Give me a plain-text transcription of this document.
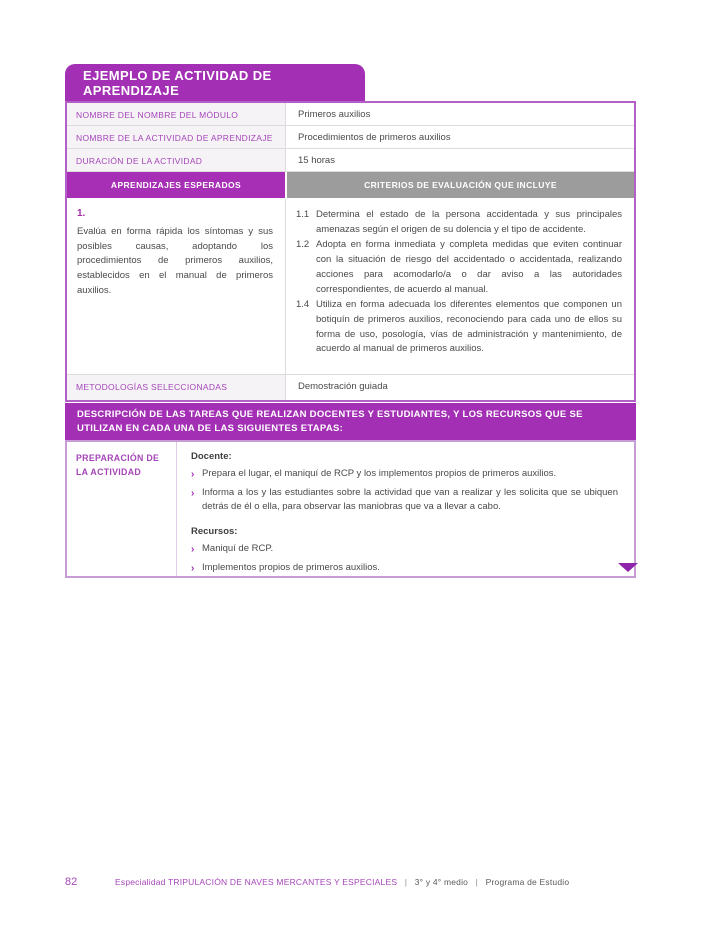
EJEMPLO DE ACTIVIDAD DE APRENDIZAJE
NOMBRE DEL NOMBRE DEL MÓDULO	Primeros auxilios
NOMBRE DE LA ACTIVIDAD DE APRENDIZAJE	Procedimientos de primeros auxilios
DURACIÓN DE LA ACTIVIDAD	15 horas
APRENDIZAJES ESPERADOS	CRITERIOS DE EVALUACIÓN QUE INCLUYE
1.
Evalúa en forma rápida los síntomas y sus posibles causas, adoptando los procedimientos de primeros auxilios, establecidos en el manual de primeros auxilios.
1.1 Determina el estado de la persona accidentada y sus principales amenazas según el origen de su dolencia y el tipo de accidente.
1.2 Adopta en forma inmediata y completa medidas que eviten continuar con la situación de riesgo del accidentado o accidentada, realizando acciones para acomodarlo/a o dar aviso a las autoridades correspondientes, de acuerdo al manual.
1.4 Utiliza en forma adecuada los diferentes elementos que componen un botiquín de primeros auxilios, reconociendo para cada uno de ellos su forma de uso, posología, vías de administración y mantenimiento, de acuerdo al manual de primeros auxilios.
METODOLOGÍAS SELECCIONADAS	Demostración guiada
DESCRIPCIÓN DE LAS TAREAS QUE REALIZAN DOCENTES Y ESTUDIANTES, Y LOS RECURSOS QUE SE UTILIZAN EN CADA UNA DE LAS SIGUIENTES ETAPAS:
PREPARACIÓN DE LA ACTIVIDAD
Docente:
› Prepara el lugar, el maniquí de RCP y los implementos propios de primeros auxilios.
› Informa a los y las estudiantes sobre la actividad que van a realizar y les solicita que se ubiquen detrás de él o ella, para observar las maniobras que va a llevar a cabo.
Recursos:
› Maniquí de RCP.
› Implementos propios de primeros auxilios.
82	Especialidad TRIPULACIÓN DE NAVES MERCANTES Y ESPECIALES | 3° y 4° medio | Programa de Estudio
